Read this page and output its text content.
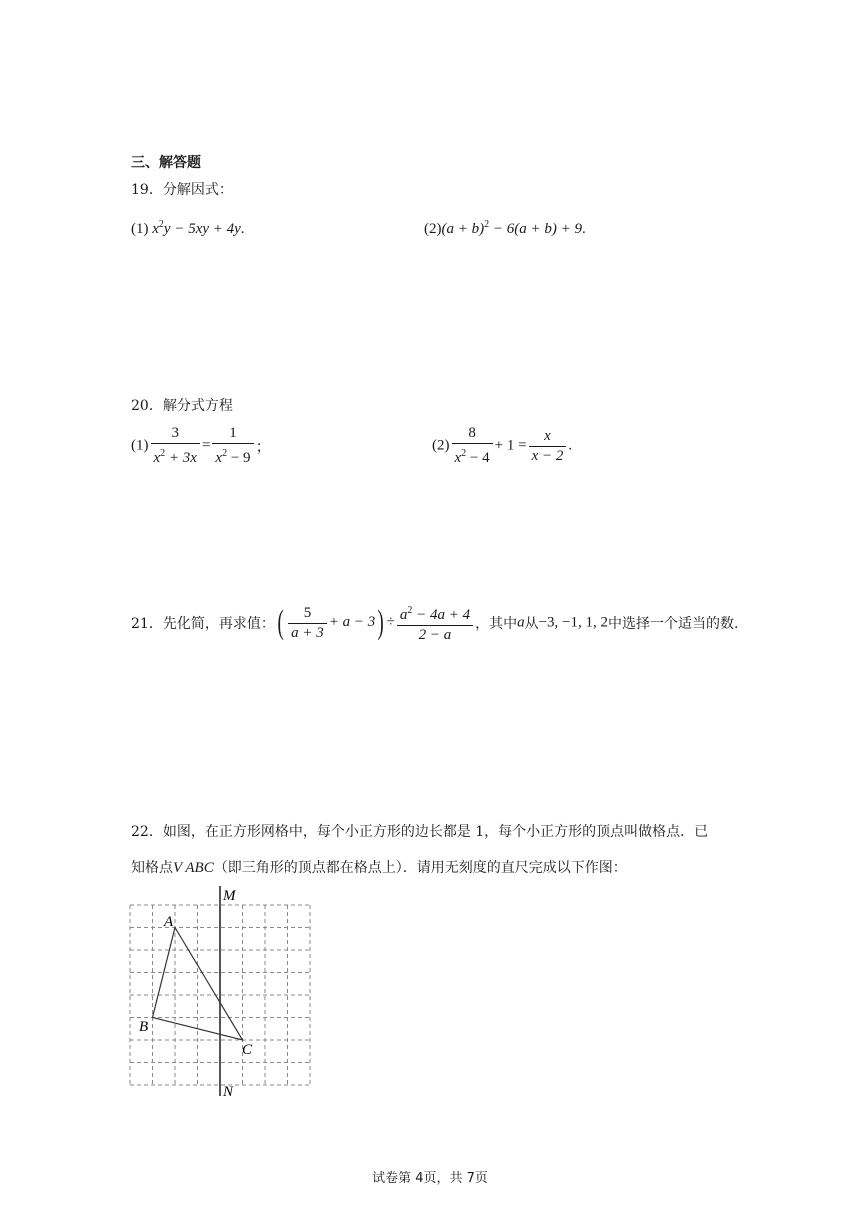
三、解答题
19．分解因式：
(1) $x^2y - 5xy + 4y$.	$(2)(a + b)^2 - 6(a + b) + 9$.
20．解分式方程
$(1) \frac{3}{x^2 + 3x} = \frac{1}{x^2 - 9}$ ；	$(2) \frac{8}{x^2 - 4} + 1 = \frac{x}{x - 2}$ .
21．先化简，再求值：( $\frac{5}{a + 3} + a - 3) \div \frac{a^2 - 4a + 4}{2 - a}$ ，其中a从−3, −1, 1, 2中选择一个适当的数.
22．如图，在正方形网格中，每个小正方形的边长都是 1，每个小正方形的顶点叫做格点．已
知格点V ABC（即三角形的顶点都在格点上）．请用无刻度的直尺完成以下作图：
M
N
A
B
C
试卷第 4页，共 7页
